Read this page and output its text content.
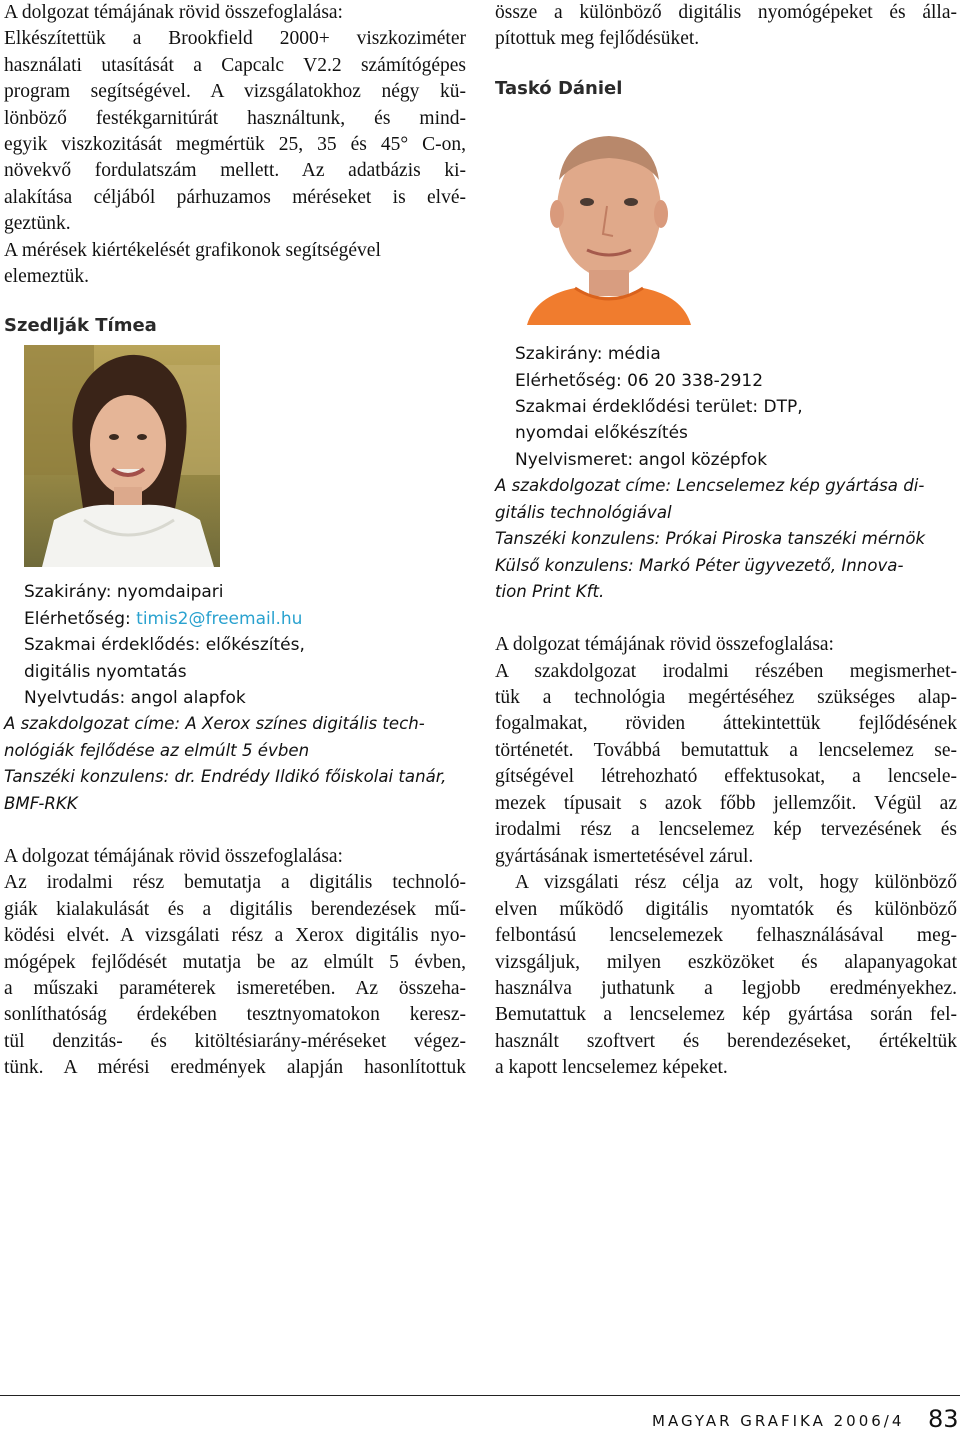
A dolgozat témájának rövid összefoglalása:
Elkészítettük a Brookfield 2000+ viszkoziméter
használati utasítását a Capcalc V2.2 számítógépes
program segítségével. A vizsgálatokhoz négy kü-
lönböző festékgarnitúrát használtunk, és mind-
egyik viszkozitását megmértük 25, 35 és 45° C-on,
növekvő fordulatszám mellett. Az adatbázis ki-
alakítása céljából párhuzamos méréseket is elvé-
geztünk.
A mérések kiértékelését grafikonok segítségével
elemeztük.
Szedlják Tímea
Szakirány: nyomdaipari
Elérhetőség: timis2@freemail.hu
Szakmai érdeklődés: előkészítés,
digitális nyomtatás
Nyelvtudás: angol alapfok
A szakdolgozat címe: A Xerox színes digitális tech-
nológiák fejlődése az elmúlt 5 évben
Tanszéki konzulens: dr. Endrédy Ildikó főiskolai tanár,
BMF-RKK
A dolgozat témájának rövid összefoglalása:
Az irodalmi rész bemutatja a digitális technoló-
giák kialakulását és a digitális berendezések mű-
ködési elvét. A vizsgálati rész a Xerox digitális nyo-
mógépek fejlődését mutatja be az elmúlt 5 évben,
a műszaki paraméterek ismeretében. Az összeha-
sonlíthatóság érdekében tesztnyomatokon keresz-
tül denzitás- és kitöltésiarány-méréseket végez-
tünk. A mérési eredmények alapján hasonlítottuk
össze a különböző digitális nyomógépeket és álla-
pítottuk meg fejlődésüket.
Taskó Dániel
Szakirány: média
Elérhetőség: 06 20 338-2912
Szakmai érdeklődési terület: DTP,
nyomdai előkészítés
Nyelvismeret: angol középfok
A szakdolgozat címe: Lencselemez kép gyártása di-
gitális technológiával
Tanszéki konzulens: Prókai Piroska tanszéki mérnök
Külső konzulens: Markó Péter ügyvezető, Innova-
tion Print Kft.
A dolgozat témájának rövid összefoglalása:
A szakdolgozat irodalmi részében megismerhet-
tük a technológia megértéséhez szükséges alap-
fogalmakat, röviden áttekintettük fejlődésének
történetét. Továbbá bemutattuk a lencselemez se-
gítségével létrehozható effektusokat, a lencsele-
mezek típusait s azok főbb jellemzőit. Végül az
irodalmi rész a lencselemez kép tervezésének és
gyártásának ismertetésével zárul.
A vizsgálati rész célja az volt, hogy különböző
elven működő digitális nyomtatók és különböző
felbontású lencselemezek felhasználásával meg-
vizsgáljuk, milyen eszközöket és alapanyagokat
használva juthatunk a legjobb eredményekhez.
Bemutattuk a lencselemez kép gyártása során fel-
használt szoftvert és berendezéseket, értékeltük
a kapott lencselemez képeket.
MAGYAR GRAFIKA 2006/4 83
